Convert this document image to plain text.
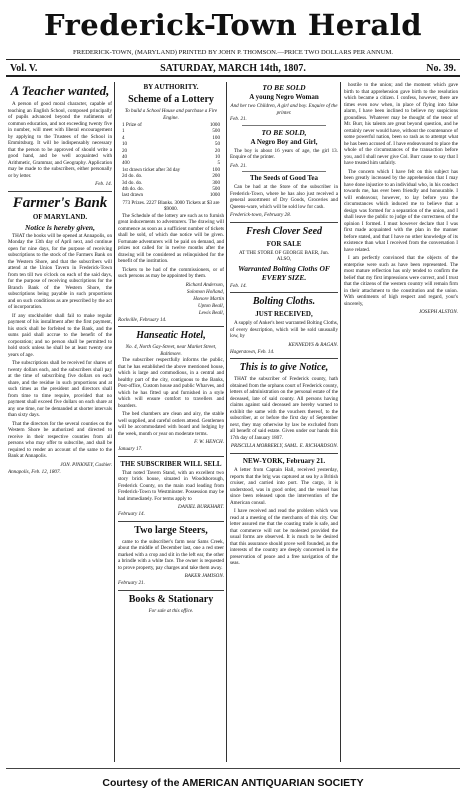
Frederick-Town Herald
FREDERICK-TOWN, (MARYLAND) PRINTED BY JOHN P. THOMSON.—PRICE TWO DOLLARS PER ANNUM.
SATURDAY, MARCH 14th, 1807.
Vol. V.	No. 39.
A Teacher wanted,
A person of good moral character, capable of teaching an English School, composed principally of pupils advanced beyond the rudiments of common education, and not exceeding twenty five in number, will meet with liberal encouragement by applying to the Trustees of the School in Emmitsburg. It will be indispensably necessary that the person to be approved of should write a good hand, and be well acquainted with Arithmetic, Grammar, and Geography. Application may be made to the subscribers, either personally or by letter.
Feb. 14.
Farmer's Bank
OF MARYLAND.
Notice is hereby given,
THAT the books will be opened at Annapolis, on Monday the 13th day of April next, and continue open for nine days, for the purpose of receiving subscriptions to the stock of the Farmers Bank on the Western Shore, and that the subscribers will attend at the Union Tavern in Frederick-Town from ten till two o'clock on each of the said days, for the purpose of receiving subscriptions for the Branch Bank of the Western Shore, the subscriptions being payable in such proportions and on such conditions as are prescribed by the act of incorporation.
If any stockholder shall fail to make regular payment of his installment after the first payment, his stock shall be forfeited to the Bank, and the sums paid shall accrue to the benefit of the corporation; and no person shall be permitted to hold stock unless he shall be at least twenty one years of age.
The subscriptions shall be received for shares of twenty dollars each, and the subscribers shall pay at the time of subscribing five dollars on each share, and the residue in such proportions and at such times as the president and directors shall from time to time require, provided that no payment shall exceed five dollars on each share at any one time, nor be demanded at shorter intervals than sixty days.
That the directors for the several counties on the Western Shore be authorized and directed to receive in their respective counties from all persons who may offer to subscribe, and shall be required to render an account of the same to the Bank at Annapolis.
JON. PINKNEY, Cashier.
Annapolis, Feb. 12, 1807.
BY AUTHORITY.
Scheme of a Lottery
To build a School House and purchase a Fire Engine.
1 Prize of	1000
1	500
4	100
10	50
20	20
40	10
400	5
1st drawn ticket after 3d day	100
2d do. do.	200
3d do. do.	300
4th do. do.	500
last drawn	1000
773 Prizes. 2227 Blanks. 3000 Tickets at $3 are $9000.
The Schedule of the lottery are such as to furnish great inducements to adventurers. The drawing will commence as soon as a sufficient number of tickets shall be sold, of which due notice will be given. Fortunate adventurers will be paid on demand, and prizes not called for in twelve months after the drawing will be considered as relinquished for the benefit of the institution.
Tickets to be had of the commissioners, or of such persons as may be appointed by them.
Richard Anderson,
Solomon Holland,
Honore Martin
Upton Beall,
Lewis Beall,
Rockville, February 14.
Hanseatic Hotel,
No. 4, North Gay-Street, near Market Street, Baltimore.
The subscriber respectfully informs the public, that he has established the above mentioned house, which is large and commodious, in a central and healthy part of the city, contiguous to the Banks, Post-office, Custom house and public Wharves, and which he has fitted up and furnished in a style which will ensure comfort to travellers and boarders.
The bed chambers are clean and airy, the stable well supplied, and careful ostlers attend. Gentlemen will be accommodated with board and lodging by the week, month or year on moderate terms.
F. W. HENCH.
January 17.
THE SUBSCRIBER WILL SELL
That noted Tavern Stand, with an excellent two story brick house, situated in Woodsborough, Frederick County, on the main road leading from Frederick-Town to Westminster. Possession may be had immediately. For terms apply to
DANIEL BURKHART.
February 14.
Two large Steers,
came to the subscriber's farm near Sams Creek, about the middle of December last, one a red steer marked with a crop and slit in the left ear, the other a brindle with a white face. The owner is requested to prove property, pay charges and take them away.
BAKER JAMISON.
February 21.
Books & Stationary
For sale at this office.
TO BE SOLD
A young Negro Woman
And her two Children, A girl and boy. Enquire of the printer.
Feb. 21.
TO BE SOLD,
A Negro Boy and Girl,
The boy is about 16 years of age, the girl 13. Enquire of the printer.
Feb. 21.
The Seeds of Good Tea
Can be had at the Store of the subscriber in Frederick-Town, where he has also just received a general assortment of Dry Goods, Groceries and Queens-ware, which will be sold low for cash.
Frederick-town, February 28.
Fresh Clover Seed
FOR SALE
AT THE STORE OF GEORGE BAER, Jun.
ALSO,
Warranted Bolting Cloths OF EVERY SIZE.
Feb. 14.
Bolting Cloths.
JUST RECEIVED,
A supply of Anker's best warranted Bolting Cloths, of every description, which will be sold unusually low, by
KENNEDYS & RAGAN.
Hagerstown, Feb. 14.
This is to give Notice,
THAT the subscriber of Frederick county, hath obtained from the orphans court of Frederick county, letters of administration on the personal estate of the deceased, late of said county. All persons having claims against said deceased are hereby warned to exhibit the same with the vouchers thereof, to the subscriber, at or before the first day of September next, they may otherwise by law be excluded from all benefit of said estate. Given under our hands this 17th day of January 1807.
PRISCILLA MOBBERLY, SAML. E. RICHARDSON.
NEW-YORK, February 21.
A letter from Captain Hall, received yesterday, reports that the brig was captured at sea by a British cruiser, and carried into port. The cargo, it is understood, was in good order, and the vessel has since been released upon the intervention of the American consul.
I have received and read the problem which was read at a meeting of the merchants of this city. Our letter assured me that the coasting trade is safe, and that commerce will not be molested provided the usual forms are observed. It is much to be desired that this assurance should prove well founded, as the interests of the country are deeply concerned in the preservation of peace and a free navigation of the seas.
hostile to the union; and the moment which gave birth to that apprehension gave birth to the resolution which became a citizen. I confess, however, there are times even now when, in place of flying into false alarm, I have been inclined to believe my suspicions groundless. Whatever may be thought of the tenor of Mr. Burr, his talents are great beyond question, and he certainly never would have, without the countenance of some powerful nation, been so rash as to attempt what he has been accused of. I have endeavoured to place the whole of the circumstances of the transaction before you, and I shall never give Col. Burr cause to say that I have treated him unfairly.
The concern which I have felt on this subject has been greatly increased by the apprehension that I may have done injustice to an individual who, in his conduct towards me, has ever been friendly and honourable. I will endeavour, however, to lay before you the circumstances which induced me to believe that a design was formed for a separation of the union, and I shall leave the public to judge of the correctness of the opinion I formed. I must however declare that I was first made acquainted with the plan in the manner before stated, and that I have no other knowledge of its existence than what I received from the conversation I have related.
I am perfectly convinced that the objects of the enterprise were such as have been represented. The most mature reflection has only tended to confirm the belief that my first impressions were correct, and I trust that the citizens of the western country will remain firm in their attachment to the constitution and the union. With sentiments of high respect and regard, your's sincerely,
JOSEPH ALSTON.
Courtesy of the AMERICAN ANTIQUARIAN SOCIETY
